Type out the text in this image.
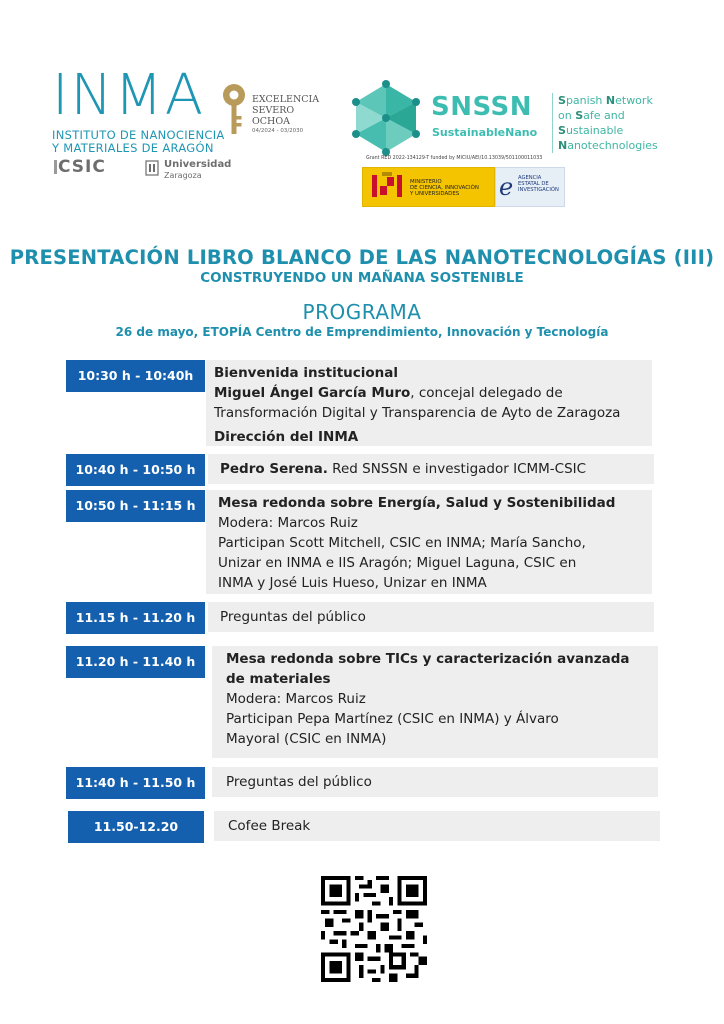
INMA
INSTITUTO DE NANOCIENCIA
Y MATERIALES DE ARAGÓN
CSIC	Universidad
Zaragoza
EXCELENCIA
SEVERO
OCHOA
04/2024 - 03/2030
SNSSN
SustainableNano
Spanish Network
on Safe and
Sustainable
Nanotechnologies
Grant RED 2022-134129-T funded by MICIU/AEI/10.13039/501100011033
MINISTERIO
DE CIENCIA, INNOVACIÓN
Y UNIVERSIDADES	e AGENCIA
ESTATAL DE
INVESTIGACIÓN
PRESENTACIÓN LIBRO BLANCO DE LAS NANOTECNOLOGÍAS (III)
CONSTRUYENDO UN MAÑANA SOSTENIBLE
PROGRAMA
26 de mayo, ETOPÍA Centro de Emprendimiento, Innovación y Tecnología
10:30 h - 10:40h	Bienvenida institucional
Miguel Ángel García Muro, concejal delegado de
Transformación Digital y Transparencia de Ayto de Zaragoza
Dirección del INMA
10:40 h - 10:50 h	Pedro Serena. Red SNSSN e investigador ICMM-CSIC
10:50 h - 11:15 h	Mesa redonda sobre Energía, Salud y Sostenibilidad
Modera: Marcos Ruiz
Participan Scott Mitchell, CSIC en INMA; María Sancho,
Unizar en INMA e IIS Aragón; Miguel Laguna, CSIC en
INMA y José Luis Hueso, Unizar en INMA
11.15 h - 11.20 h	Preguntas del público
11.20 h - 11.40 h	Mesa redonda sobre TICs y caracterización avanzada
de materiales
Modera: Marcos Ruiz
Participan Pepa Martínez (CSIC en INMA) y Álvaro
Mayoral (CSIC en INMA)
11:40 h - 11.50 h	Preguntas del público
11.50-12.20	Cofee Break
